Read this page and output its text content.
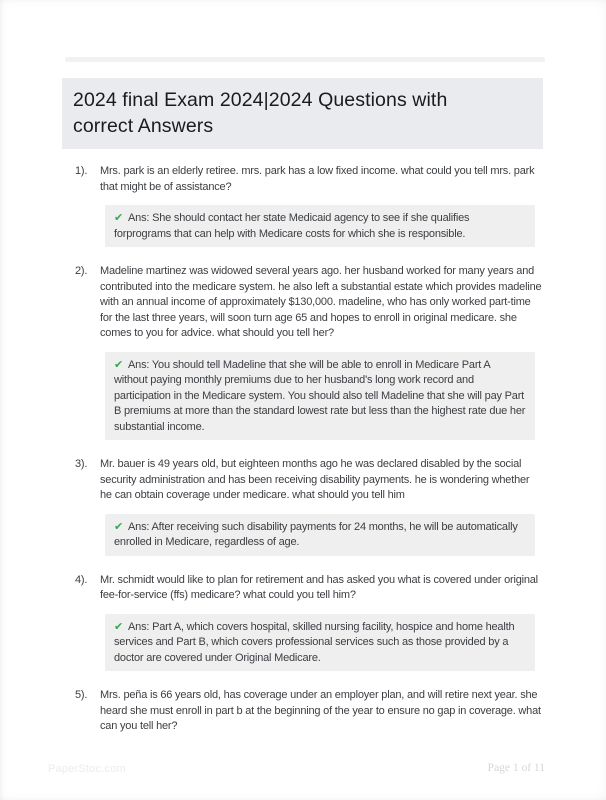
2024 final Exam 2024|2024 Questions with correct Answers
1).	Mrs. park is an elderly retiree. mrs. park has a low fixed income. what could you tell mrs. park that might be of assistance?

✔ Ans: She should contact her state Medicaid agency to see if she qualifies forprograms that can help with Medicare costs for which she is responsible.
2).	Madeline martinez was widowed several years ago. her husband worked for many years and contributed into the medicare system. he also left a substantial estate which provides madeline with an annual income of approximately $130,000. madeline, who has only worked part-time for the last three years, will soon turn age 65 and hopes to enroll in original medicare. she comes to you for advice. what should you tell her?

✔ Ans: You should tell Madeline that she will be able to enroll in Medicare Part A without paying monthly premiums due to her husband's long work record and participation in the Medicare system. You should also tell Madeline that she will pay Part B premiums at more than the standard lowest rate but less than the highest rate due her substantial income.
3).	Mr. bauer is 49 years old, but eighteen months ago he was declared disabled by the social security administration and has been receiving disability payments. he is wondering whether he can obtain coverage under medicare. what should you tell him

✔ Ans: After receiving such disability payments for 24 months, he will be automatically enrolled in Medicare, regardless of age.
4).	Mr. schmidt would like to plan for retirement and has asked you what is covered under original fee-for-service (ffs) medicare? what could you tell him?

✔ Ans: Part A, which covers hospital, skilled nursing facility, hospice and home health services and Part B, which covers professional services such as those provided by a doctor are covered under Original Medicare.
5).	Mrs. peña is 66 years old, has coverage under an employer plan, and will retire next year. she heard she must enroll in part b at the beginning of the year to ensure no gap in coverage. what can you tell her?

PaperStoc.com	Page 1 of 11
